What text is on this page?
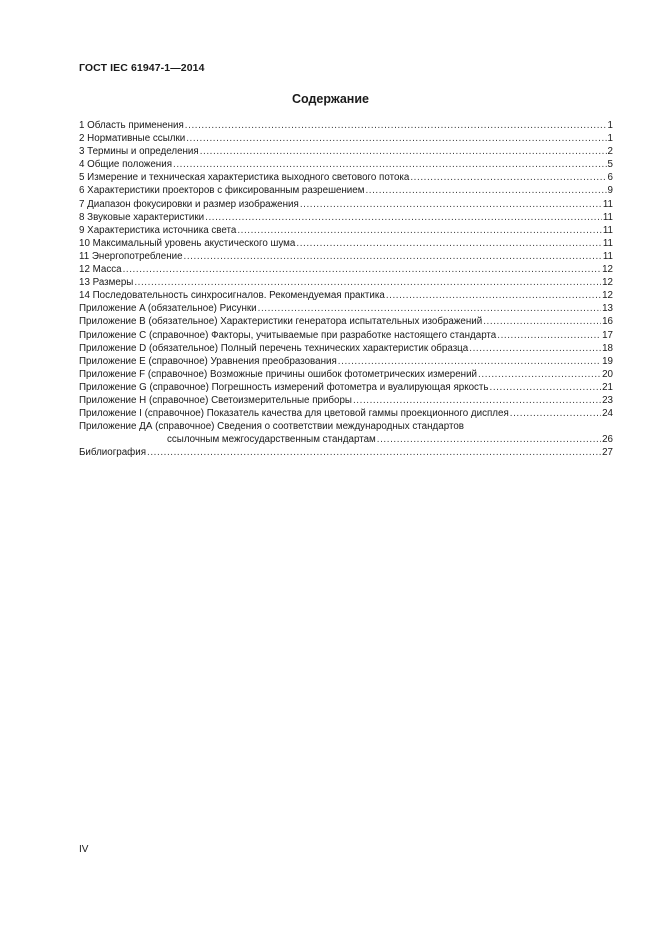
ГОСТ IEC 61947-1—2014
Содержание
1 Область применения .....	1
2 Нормативные ссылки .....	1
3 Термины и определения .....	2
4 Общие положения .....	5
5 Измерение и техническая характеристика выходного светового потока .....	6
6 Характеристики проекторов с фиксированным разрешением .....	9
7 Диапазон фокусировки и размер изображения .....	11
8 Звуковые характеристики .....	11
9 Характеристика источника света .....	11
10 Максимальный уровень акустического шума .....	11
11 Энергопотребление .....	11
12 Масса .....	12
13 Размеры .....	12
14 Последовательность синхросигналов. Рекомендуемая практика .....	12
Приложение A (обязательное) Рисунки .....	13
Приложение B (обязательное) Характеристики генератора испытательных изображений .....	16
Приложение C (справочное) Факторы, учитываемые при разработке настоящего стандарта .....	17
Приложение D (обязательное) Полный перечень технических характеристик образца .....	18
Приложение E (справочное) Уравнения преобразования .....	19
Приложение F (справочное) Возможные причины ошибок фотометрических измерений .....	20
Приложение G (справочное) Погрешность измерений фотометра и вуалирующая яркость .....	21
Приложение H (справочное) Светоизмерительные приборы .....	23
Приложение I (справочное) Показатель качества для цветовой гаммы проекционного дисплея .....	24
Приложение ДА (справочное) Сведения о соответствии международных стандартов
ссылочным межгосударственным стандартам .....	26
Библиография .....	27
IV
